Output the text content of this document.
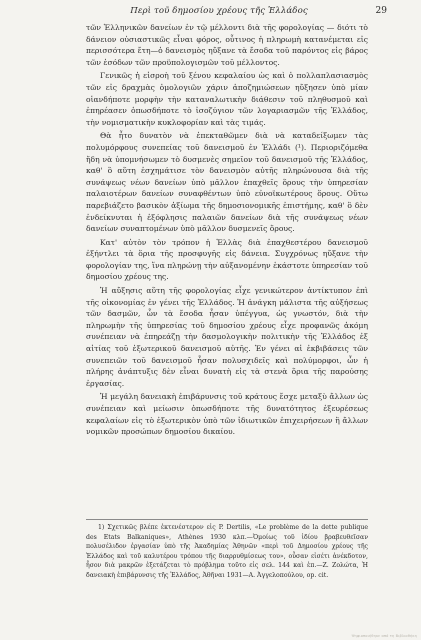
Περὶ τοῦ δημοσίου χρέους τῆς Ἑλλάδος	29

τῶν Ἑλληνικῶν δανείων ἐν τῷ μέλλοντι διὰ τῆς φορολογίας — διότι τὸ δάνειον οὐσιαστικῶς εἶναι φόρος, οὗτινος ἡ πληρωμὴ κατανέμεται εἰς περισσότερα ἔτη—ὁ δανεισμὸς ηὔξανε τὰ ἔσοδα τοῦ παρόντος εἰς βάρος τῶν ἐσόδων τῶν προϋπολογισμῶν τοῦ μέλλοντος.

Γενικῶς ἡ εἰσροὴ τοῦ ξένου κεφαλαίου ὡς καὶ ὁ πολλαπλασιασμὸς τῶν εἰς δραχμὰς ὁμολογιῶν χάριν ἀποζημιώσεων ηὔξησεν ὑπὸ μίαν οἱανδήποτε μορφὴν τὴν καταναλωτικὴν διάθεσιν τοῦ πληθυσμοῦ καὶ ἐπηρέασεν ὁπωσδήποτε τὸ ἰσοζύγιον τῶν λογαριασμῶν τῆς Ἑλλάδος, τὴν νομισματικὴν κυκλοφορίαν καὶ τὰς τιμάς.

Θὰ ἦτο δυνατὸν νὰ ἐπεκταθῶμεν διὰ νὰ καταδείξωμεν τὰς πολυμόρφους συνεπείας τοῦ δανεισμοῦ ἐν Ἑλλάδι (¹). Περιοριζόμεθα ἤδη νὰ ὑπομνήσωμεν τὸ δυσμενὲς σημεῖον τοῦ δανεισμοῦ τῆς Ἑλλάδος, καθ' ὃ αὕτη ἐσχημάτισε τὸν δανεισμὸν αὐτῆς πληρώνουσα διὰ τῆς συνάψεως νέων δανείων ὑπὸ μᾶλλον ἐπαχθεῖς ὅρους τὴν ὑπηρεσίαν παλαιοτέρων δανείων συναφθέντων ὑπὸ εὐνοϊκωτέρους ὅρους. Οὕτω παρεβιάζετο βασικὸν ἀξίωμα τῆς δημοσιονομικῆς ἐπιστήμης, καθ' ὃ δὲν ἐνδείκνυται ἡ ἐξόφλησις παλαιῶν δανείων διὰ τῆς συνάψεως νέων δανείων συναπτομένων ὑπὸ μᾶλλον δυσμενεῖς ὅρους.

Κατ' αὐτὸν τὸν τρόπον ἡ Ἑλλὰς διὰ ἐπαχθεστέρου δανεισμοῦ ἐξήντλει τὰ ὅρια τῆς προσφυγῆς εἰς δάνεια. Συγχρόνως ηὔξανε τὴν φορολογίαν της, ἵνα πληρώνῃ τὴν αὐξανομένην ἑκάστοτε ὑπηρεσίαν τοῦ δημοσίου χρέους της.

Ἡ αὔξησις αὕτη τῆς φορολογίας εἶχε γενικώτερον ἀντίκτυπον ἐπὶ τῆς οἰκονομίας ἐν γένει τῆς Ἑλλάδος. Ἡ ἀνάγκη μάλιστα τῆς αὐξήσεως τῶν δασμῶν, ὧν τὰ ἔσοδα ἦσαν ὑπέγγυα, ὡς γνωστόν, διὰ τὴν πληρωμὴν τῆς ὑπηρεσίας τοῦ δημοσίου χρέους εἶχε προφανῶς ἀκόμη συνέπειαν νὰ ἐπηρεάζῃ τὴν δασμολογικὴν πολιτικὴν τῆς Ἑλλάδος ἐξ αἰτίας τοῦ ἐξωτερικοῦ δανεισμοῦ αὐτῆς. Ἐν γένει αἱ ἐκβιβάσεις τῶν συνεπειῶν τοῦ δανεισμοῦ ἦσαν πολυσχιδεῖς καὶ πολύμορφοι, ὧν ἡ πλήρης ἀνάπτυξις δὲν εἶναι δυνατὴ εἰς τὰ στενὰ ὅρια τῆς παρούσης ἐργασίας.

Ἡ μεγάλη δανειακὴ ἐπιβάρυνσις τοῦ κράτους ἔσχε μεταξὺ ἄλλων ὡς συνέπειαν καὶ μείωσιν ὁπωσδήποτε τῆς δυνατότητος ἐξευρέσεως κεφαλαίων εἰς τὸ ἐξωτερικὸν ὑπὸ τῶν ἰδιωτικῶν ἐπιχειρήσεων ἢ ἄλλων νομικῶν προσώπων δημοσίου δικαίου.

1) Σχετικῶς βλέπε ἐκτενέστερον εἰς P. Dertilis, «Le problème de la dette publique des Etats Balkaniques», Athènes 1930 κλπ.—Ὁμοίως τοῦ ἰδίου βραβευθεῖσαν πολυσέλιδον ἐργασίαν ὑπὸ τῆς Ἀκαδημίας Ἀθηνῶν «περὶ τοῦ Δημοσίου χρέους τῆς Ἑλλάδος καὶ τοῦ καλυτέρου τρόπου τῆς διαρρυθμίσεως του», οὖσαν εἰσέτι ἀνέκδοτον, ἧσον διὰ μακρῶν ἐξετάζεται τὸ πρόβλημα τοῦτο εἰς σελ. 144 καὶ ἑπ.—Ζ. Ζολώτα, Ἡ δανειακὴ ἐπιβάρυνσις τῆς Ἑλλάδος, Ἀθῆναι 1931—Α. Ἀγγελοπούλου, op. cit.

Ψηφιοποιήθηκε από τη Βιβλιοθήκη
